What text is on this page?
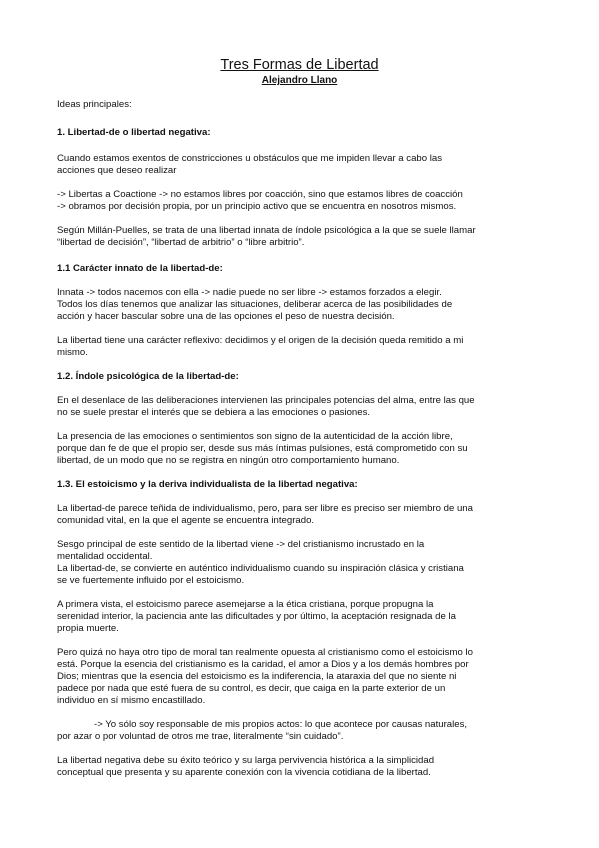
Tres Formas de Libertad
Alejandro Llano

Ideas principales:

1. Libertad-de o libertad negativa:

Cuando estamos exentos de constricciones u obstáculos que me impiden llevar a cabo las

acciones que deseo realizar

-> Libertas a Coactione -> no estamos libres por coacción, sino que estamos libres de coacción

-> obramos por decisión propia, por un principio activo que se encuentra en nosotros mismos.

Según Millán-Puelles, se trata de una libertad innata de índole psicológica a la que se suele llamar

“libertad de decisión”, “libertad de arbitrio” o “libre arbitrio”.

1.1 Carácter innato de la libertad-de:

Innata -> todos nacemos con ella -> nadie puede no ser libre -> estamos forzados a elegir.

Todos los días tenemos que analizar las situaciones, deliberar acerca de las posibilidades de

acción y hacer bascular sobre una de las opciones el peso de nuestra decisión.

La libertad tiene una carácter reflexivo: decidimos y el origen de la decisión queda remitido a mi

mismo.

1.2. Índole psicológica de la libertad-de:

En el desenlace de las deliberaciones intervienen las principales potencias del alma, entre las que

no se suele prestar el interés que se debiera a las emociones o pasiones.

La presencia de las emociones o sentimientos son signo de la autenticidad de la acción libre,

porque dan fe de que el propio ser, desde sus más íntimas pulsiones, está comprometido con su

libertad, de un modo que no se registra en ningún otro comportamiento humano.

1.3. El estoicismo y la deriva individualista de la libertad negativa:

La libertad-de parece teñida de individualismo, pero, para ser libre es preciso ser miembro de una

comunidad vital, en la que el agente se encuentra integrado.

Sesgo principal de este sentido de la libertad viene -> del cristianismo incrustado en la

mentalidad occidental.

La libertad-de, se convierte en auténtico individualismo cuando su inspiración clásica y cristiana

se ve fuertemente influido por el estoicismo.

A primera vista, el estoicismo parece asemejarse a la ética cristiana, porque propugna la

serenidad interior, la paciencia ante las dificultades y por último, la aceptación resignada de la

propia muerte.

Pero quizá no haya otro tipo de moral tan realmente opuesta al cristianismo como el estoicismo lo

está. Porque la esencia del cristianismo es la caridad, el amor a Dios y a los demás hombres por

Dios; mientras que la esencia del estoicismo es la indiferencia, la ataraxia del que no siente ni

padece por nada que esté fuera de su control, es decir, que caiga en la parte exterior de un

individuo en sí mismo encastillado.

-> Yo sólo soy responsable de mis propios actos: lo que acontece por causas naturales,

por azar o por voluntad de otros me trae, literalmente “sin cuidado”.

La libertad negativa debe su éxito teórico y su larga pervivencia histórica a la simplicidad

conceptual que presenta y su aparente conexión con la vivencia cotidiana de la libertad.
